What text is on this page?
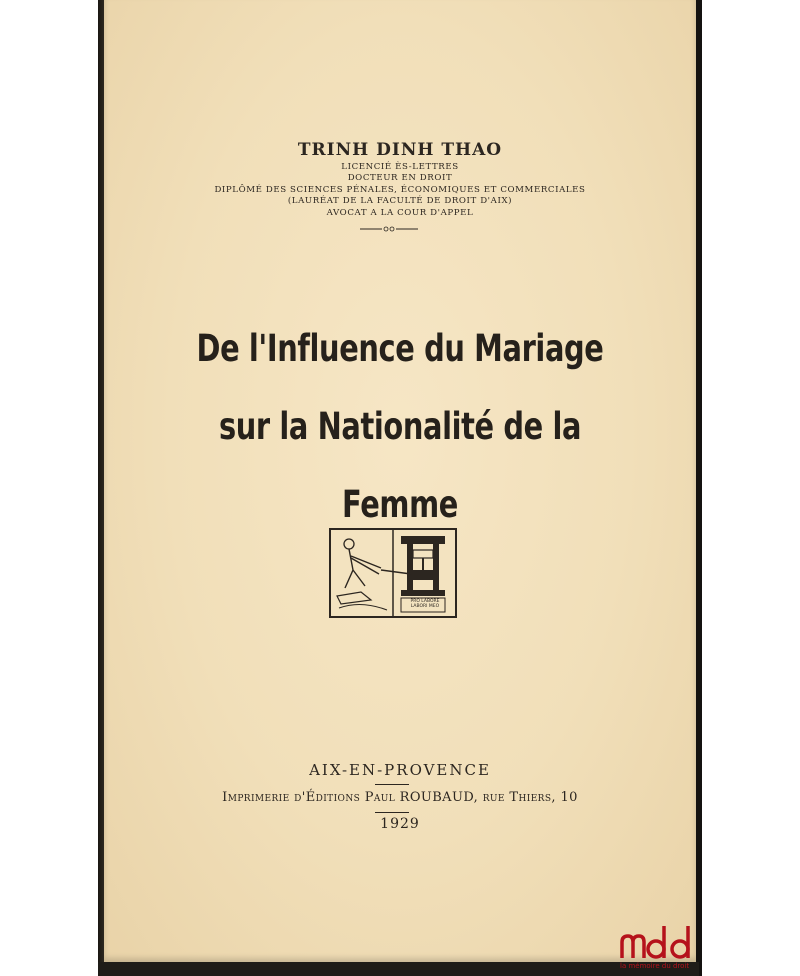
TRINH DINH THAO
LICENCIÉ ÈS-LETTRES
DOCTEUR EN DROIT
DIPLÔMÉ DES SCIENCES PÉNALES, ÉCONOMIQUES ET COMMERCIALES
(LAURÉAT DE LA FACULTÉ DE DROIT D'AIX)
AVOCAT A LA COUR D'APPEL
De l'Influence du Mariage
sur la Nationalité de la Femme
PRO LABORE LABORI MEO
AIX-EN-PROVENCE
Imprimerie d'Éditions Paul ROUBAUD, rue Thiers, 10
1929
la mémoire du droit
